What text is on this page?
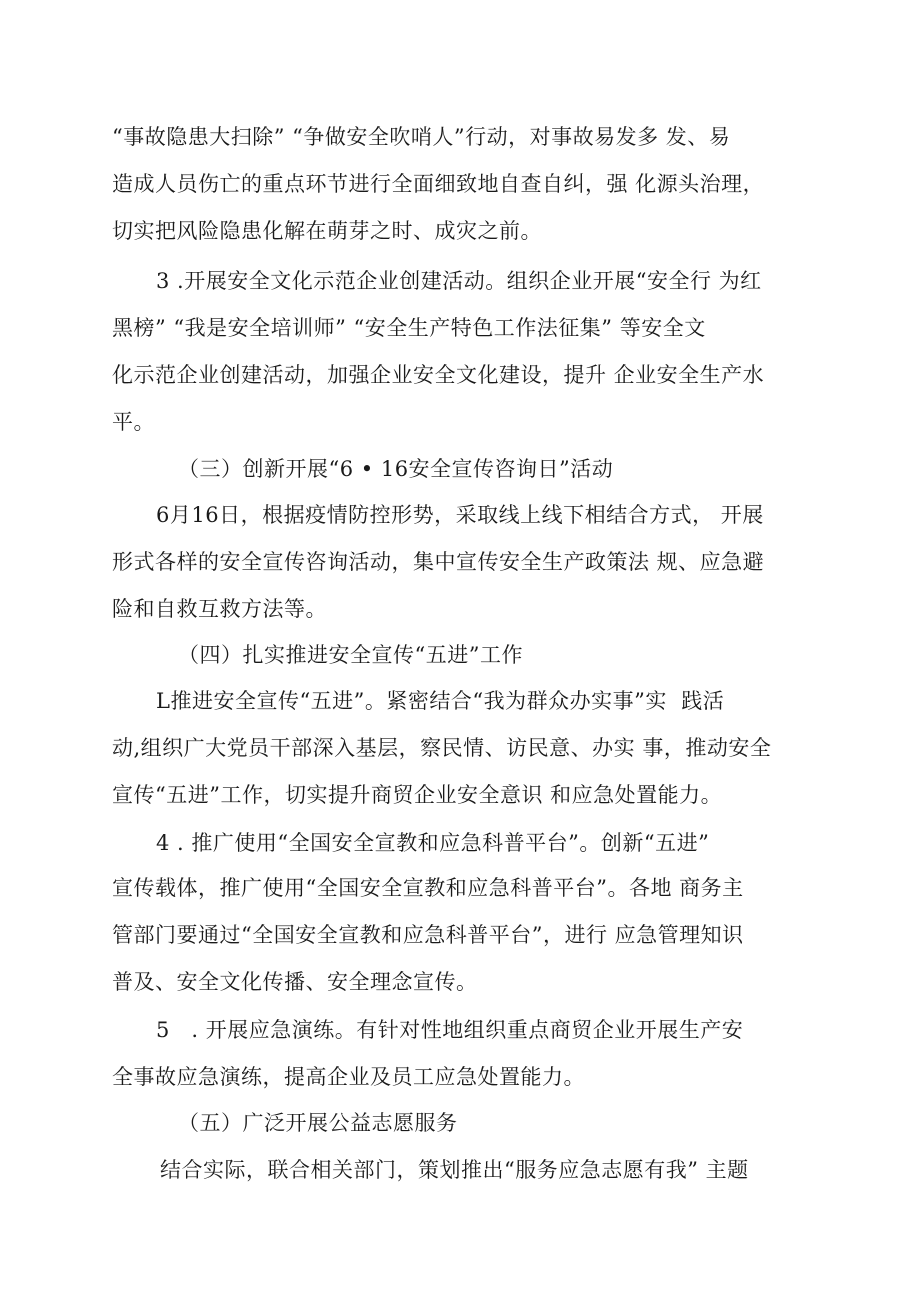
“事故隐患大扫除” “争做安全吹哨人”行动，对事故易发多 发、易
造成人员伤亡的重点环节进行全面细致地自查自纠，强 化源头治理，
切实把风险隐患化解在萌芽之时、成灾之前。
3 .开展安全文化示范企业创建活动。组织企业开展“安全行 为红
黑榜” “我是安全培训师” “安全生产特色工作法征集” 等安全文
化示范企业创建活动，加强企业安全文化建设，提升 企业安全生产水
平。
（三）创新开展“6 • 16安全宣传咨询日”活动
6月16日，根据疫情防控形势，采取线上线下相结合方式， 开展
形式各样的安全宣传咨询活动，集中宣传安全生产政策法 规、应急避
险和自救互救方法等。
（四）扎实推进安全宣传“五进”工作
L推进安全宣传“五进”。紧密结合“我为群众办实事”实  践活
动,组织广大党员干部深入基层，察民情、访民意、办实 事，推动安全
宣传“五进”工作，切实提升商贸企业安全意识 和应急处置能力。
4 . 推广使用“全国安全宣教和应急科普平台”。创新“五进”
宣传载体，推广使用“全国安全宣教和应急科普平台”。各地 商务主
管部门要通过“全国安全宣教和应急科普平台”，进行 应急管理知识
普及、安全文化传播、安全理念宣传。
5   . 开展应急演练。有针对性地组织重点商贸企业开展生产安
全事故应急演练，提高企业及员工应急处置能力。
（五）广泛开展公益志愿服务
结合实际，联合相关部门，策划推出“服务应急志愿有我” 主题
